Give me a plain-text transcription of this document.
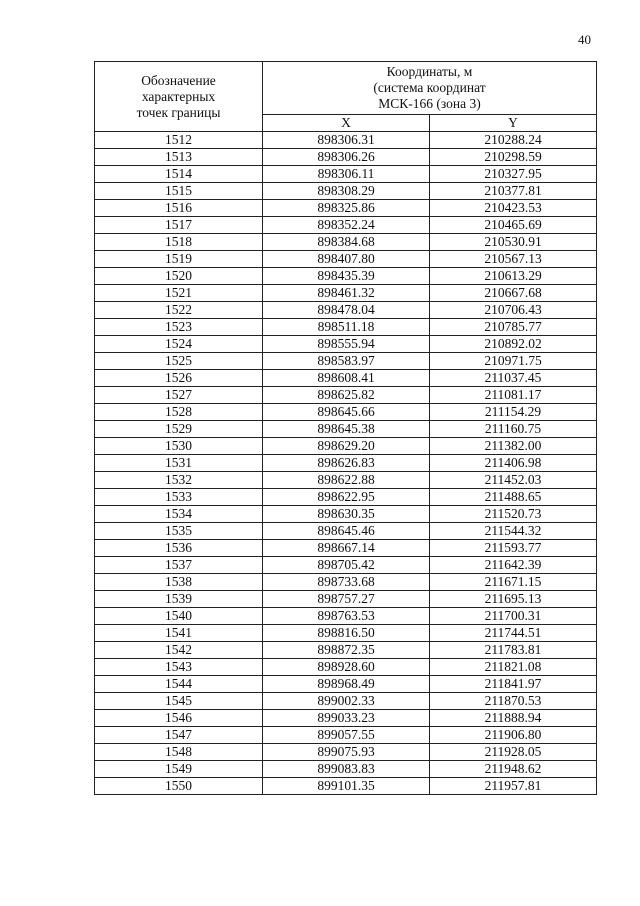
40
Обозначение
характерных
точек границы	Координаты, м
(система координат
МСК-166 (зона 3)	

	X	Y
1512	898306.31	210288.24
1513	898306.26	210298.59
1514	898306.11	210327.95
1515	898308.29	210377.81
1516	898325.86	210423.53
1517	898352.24	210465.69
1518	898384.68	210530.91
1519	898407.80	210567.13
1520	898435.39	210613.29
1521	898461.32	210667.68
1522	898478.04	210706.43
1523	898511.18	210785.77
1524	898555.94	210892.02
1525	898583.97	210971.75
1526	898608.41	211037.45
1527	898625.82	211081.17
1528	898645.66	211154.29
1529	898645.38	211160.75
1530	898629.20	211382.00
1531	898626.83	211406.98
1532	898622.88	211452.03
1533	898622.95	211488.65
1534	898630.35	211520.73
1535	898645.46	211544.32
1536	898667.14	211593.77
1537	898705.42	211642.39
1538	898733.68	211671.15
1539	898757.27	211695.13
1540	898763.53	211700.31
1541	898816.50	211744.51
1542	898872.35	211783.81
1543	898928.60	211821.08
1544	898968.49	211841.97
1545	899002.33	211870.53
1546	899033.23	211888.94
1547	899057.55	211906.80
1548	899075.93	211928.05
1549	899083.83	211948.62
1550	899101.35	211957.81
